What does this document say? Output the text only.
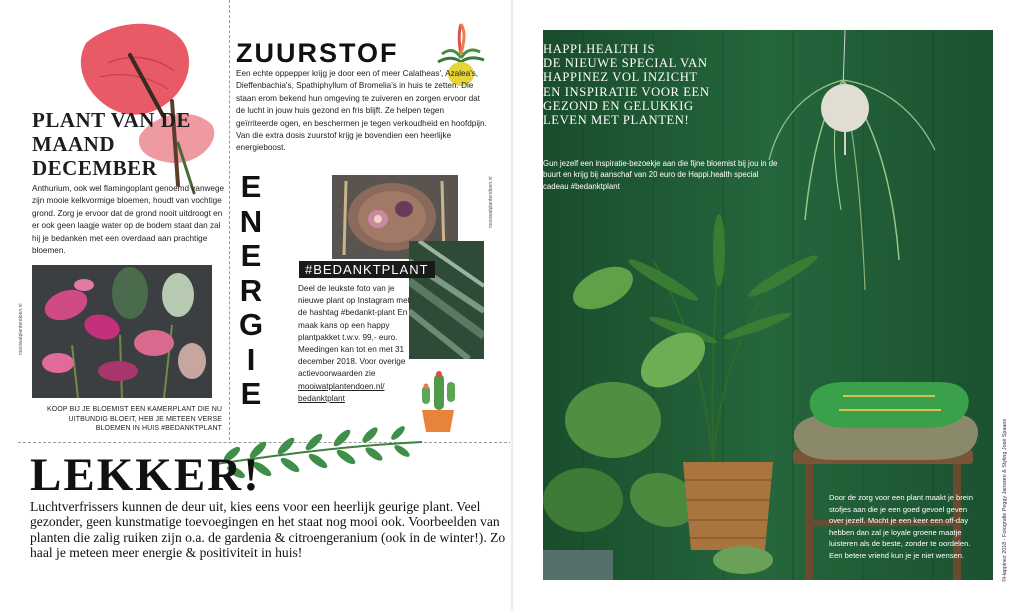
PLANT VAN DE
MAAND
DECEMBER

Anthurium, ook wel flamingoplant genoemd vanwege zijn mooie kelkvormige bloemen, houdt van vochtige grond. Zorg je ervoor dat de grond nooit uitdroogt en er ook geen laagje water op de bodem staat dan zal hij je bedanken met een overdaad aan prachtige bloemen.

mooiwatplantendoen.nl

KOOP BIJ JE BLOEMIST EEN KAMERPLANT DIE NU UITBUNDIG BLOEIT, HEB JE METEEN VERSE BLOEMEN IN HUIS #BEDANKTPLANT

ZUURSTOF

Een echte oppepper krijg je door een of meer Calatheas', Azalea's, Dieffenbachia's, Spathiphyllum of Bromelia's in huis te zetten. Die staan erom bekend hun omgeving te zuiveren en zorgen ervoor dat de lucht in jouw huis gezond en fris blijft. Ze helpen tegen geïrriteerde ogen, en beschermen je tegen verkoudheid en hoofdpijn. Van die extra dosis zuurstof krijg je bovendien een heerlijke energieboost.

E
N
E
R
G
I
E
mooiwatplantendoen.nl
#BEDANKTPLANT

Deel de leukste foto van je nieuwe plant op Instagram met de hashtag #bedankt-plant En maak kans op een happy plantpakket t.w.v. 99,- euro. Meedingen kan tot en met 31 december 2018. Voor overige actievoorwaarden zie mooiwatplantendoen.nl/
bedanktplant

LEKKER!

Luchtverfrissers kunnen de deur uit, kies eens voor een heerlijk geurige plant. Veel gezonder, geen kunstmatige toevoegingen en het staat nog mooi ook. Voorbeelden van planten die zalig ruiken zijn o.a. de gardenia & citroengeranium (ook in de winter!). Zo haal je meteen meer energie & positiviteit in huis!

HAPPI.HEALTH IS
DE NIEUWE SPECIAL VAN
HAPPINEZ VOL INZICHT
EN INSPIRATIE VOOR EEN
GEZOND EN GELUKKIG
LEVEN MET PLANTEN!

Gun jezelf een inspiratie-bezoekje aan die fijne bloemist bij jou in de buurt en krijg bij aanschaf van 20 euro de Happi.health special cadeau #bedanktplant

Door de zorg voor een plant maakt je brein stofjes aan die je een goed gevoel geven over jezelf. Mocht je een keer een off-day hebben dan zal je loyale groene maatje luisteren als de beste, zonder te oordelen. Een betere vriend kun je je niet wensen.	©Happinez 2018 - Fotografie Peggy Janssen & Styling José Spaans
